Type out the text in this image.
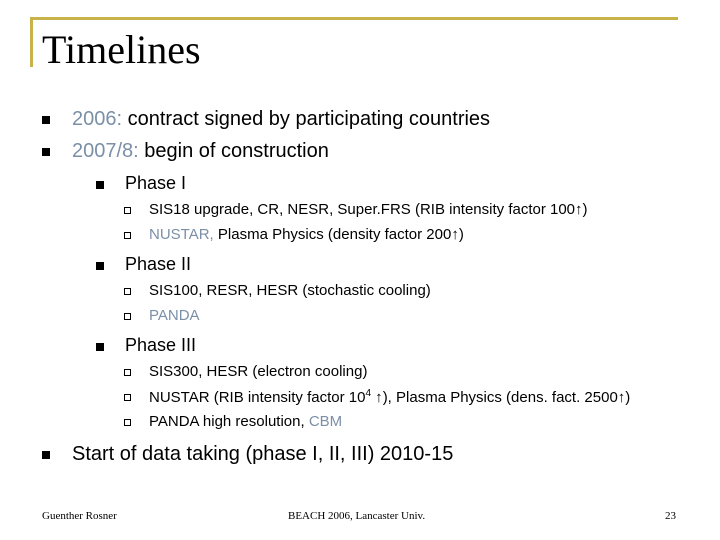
Timelines
2006: contract signed by participating countries
2007/8: begin of construction
Phase I
SIS18 upgrade, CR, NESR, Super.FRS (RIB intensity factor 100↑)
NUSTAR, Plasma Physics (density factor 200↑)
Phase II
SIS100, RESR, HESR (stochastic cooling)
PANDA
Phase III
SIS300, HESR (electron cooling)
NUSTAR (RIB intensity factor $10^4$ ↑), Plasma Physics (dens. fact. 2500↑)
PANDA high resolution, CBM
Start of data taking (phase I, II, III) 2010-15
Guenther Rosner	BEACH 2006, Lancaster Univ.	23
